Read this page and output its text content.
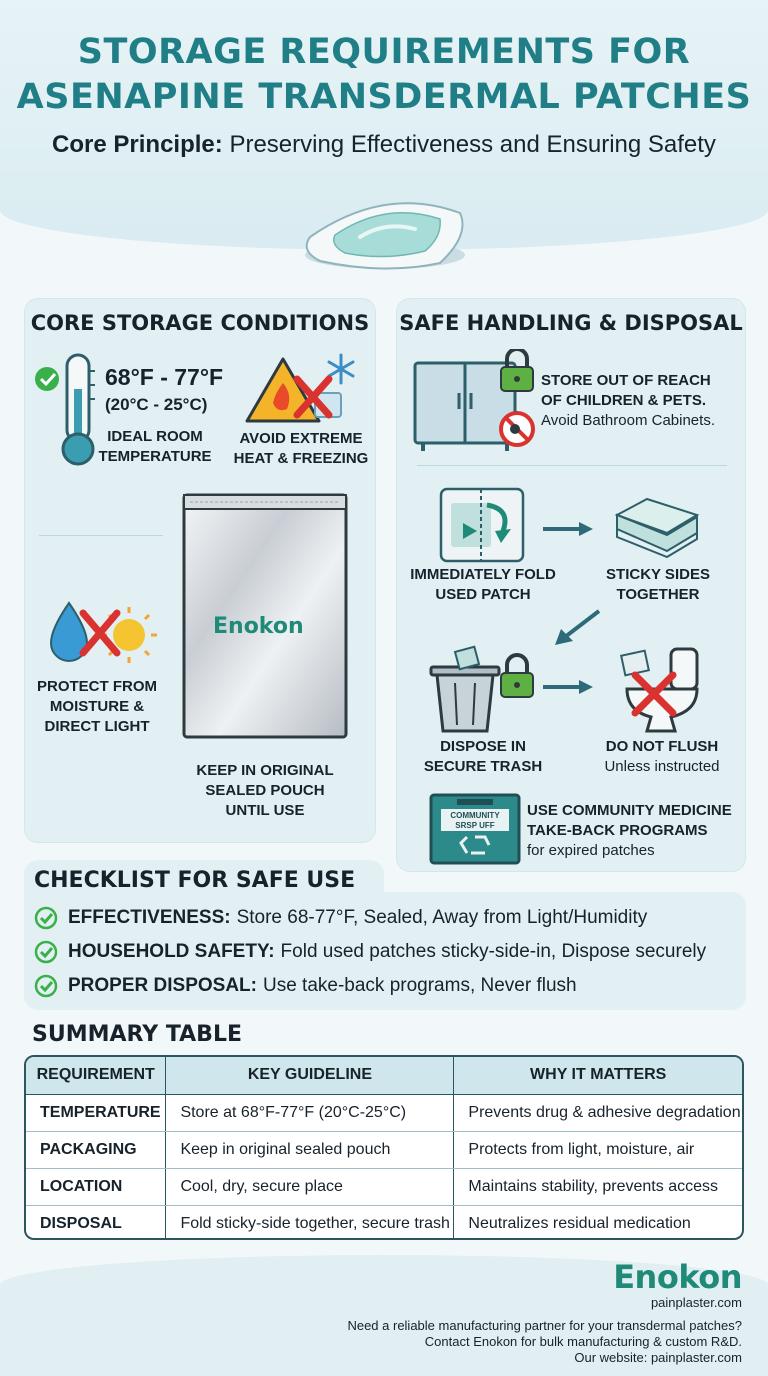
STORAGE REQUIREMENTS FOR
ASENAPINE TRANSDERMAL PATCHES
Core Principle: Preserving Effectiveness and Ensuring Safety
CORE STORAGE CONDITIONS
68°F - 77°F
(20°C - 25°C)
IDEAL ROOM
TEMPERATURE
AVOID EXTREME
HEAT & FREEZING
PROTECT FROM
MOISTURE &
DIRECT LIGHT
Enokon
KEEP IN ORIGINAL
SEALED POUCH
UNTIL USE
SAFE HANDLING & DISPOSAL
STORE OUT OF REACH
OF CHILDREN & PETS.
Avoid Bathroom Cabinets.
IMMEDIATELY FOLD
USED PATCH
STICKY SIDES
TOGETHER
DISPOSE IN
SECURE TRASH
DO NOT FLUSH
Unless instructed
COMMUNITY
SRSP UFF
USE COMMUNITY MEDICINE
TAKE-BACK PROGRAMS
for expired patches
CHECKLIST FOR SAFE USE
EFFECTIVENESS: Store 68-77°F, Sealed, Away from Light/Humidity
HOUSEHOLD SAFETY: Fold used patches sticky-side-in, Dispose securely
PROPER DISPOSAL: Use take-back programs, Never flush
SUMMARY TABLE
REQUIREMENT	KEY GUIDELINE	WHY IT MATTERS
TEMPERATURE	Store at 68°F-77°F (20°C-25°C)	Prevents drug & adhesive degradation
PACKAGING	Keep in original sealed pouch	Protects from light, moisture, air
LOCATION	Cool, dry, secure place	Maintains stability, prevents access
DISPOSAL	Fold sticky-side together, secure trash	Neutralizes residual medication
Enokon
painplaster.com
Need a reliable manufacturing partner for your transdermal patches?
Contact Enokon for bulk manufacturing & custom R&D.
Our website: painplaster.com
